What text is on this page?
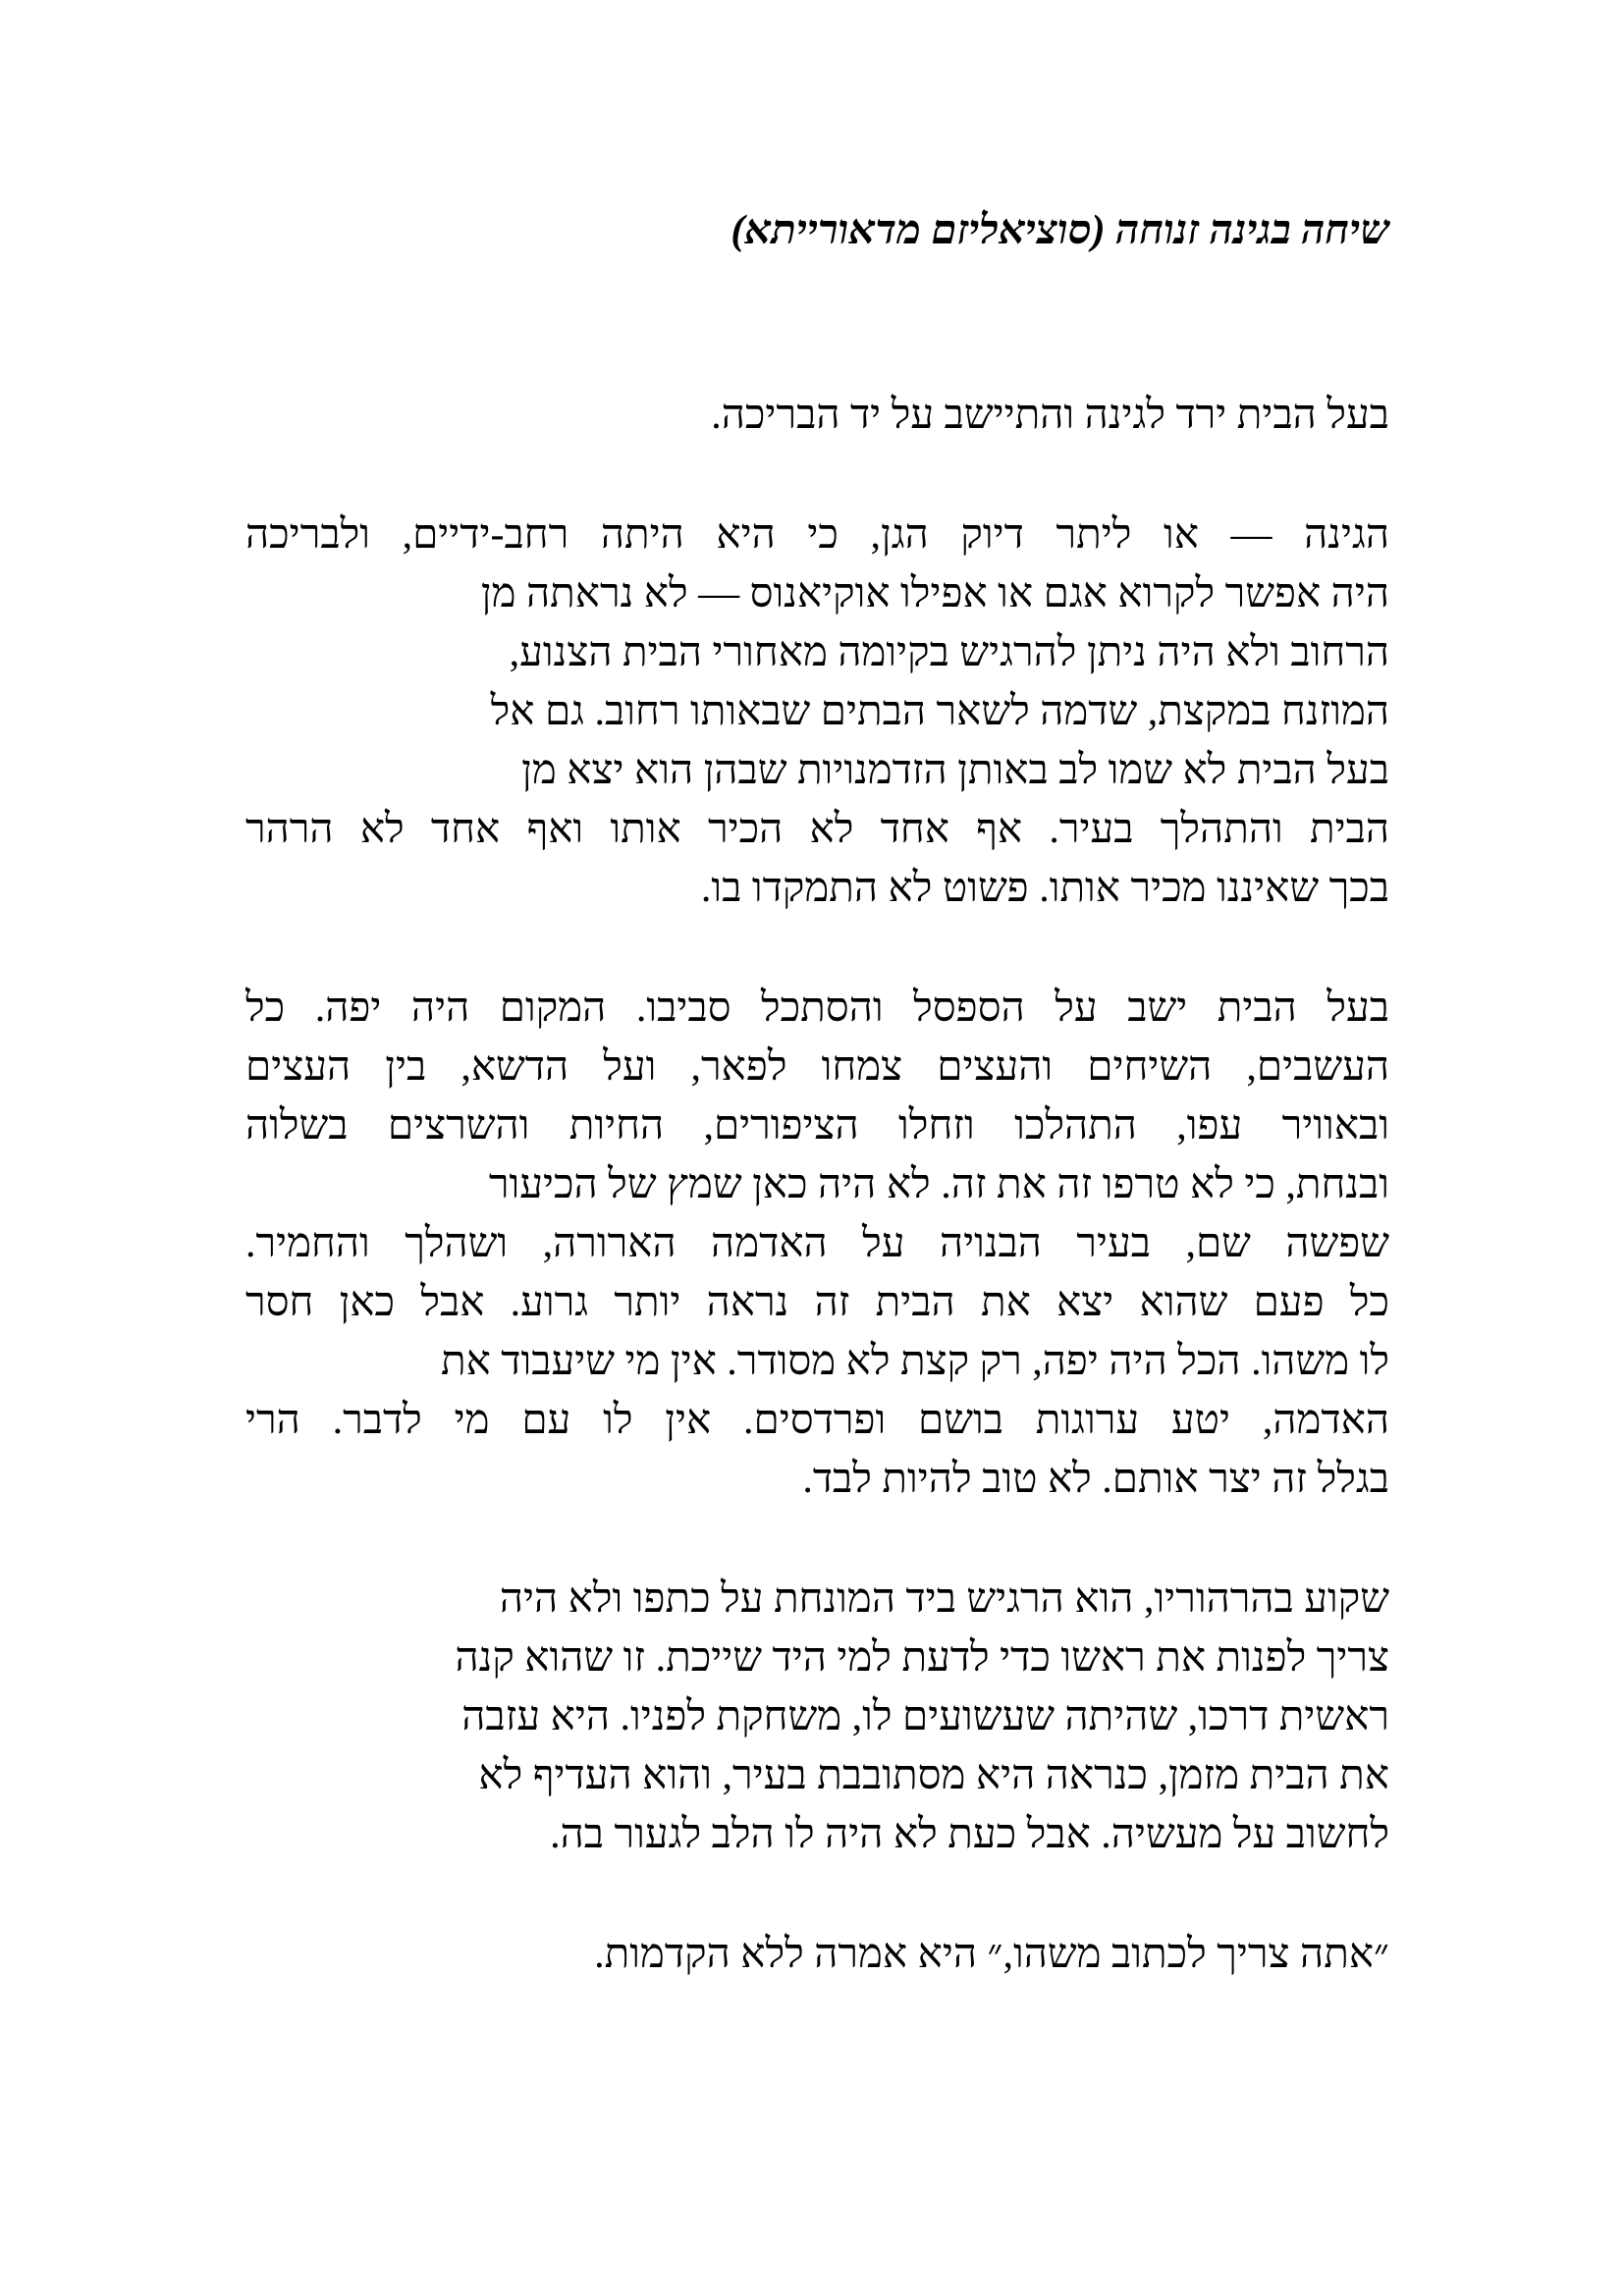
שיחה בגינה זנוחה (סוציאליזם מדאורייתא)
בעל הבית ירד לגינה והתיישב על יד הבריכה.
הגינה — או ליתר דיוק הגן, כי היא היתה רחב-ידיים, ולבריכה
היה אפשר לקרוא אגם או אפילו אוקיאנוס — לא נראתה מן
הרחוב ולא היה ניתן להרגיש בקיומה מאחורי הבית הצנוע,
המוזנח במקצת, שדמה לשאר הבתים שבאותו רחוב. גם אל
בעל הבית לא שמו לב באותן הזדמנויות שבהן הוא יצא מן
הבית והתהלך בעיר. אף אחד לא הכיר אותו ואף אחד לא הרהר
בכך שאיננו מכיר אותו. פשוט לא התמקדו בו.
בעל הבית ישב על הספסל והסתכל סביבו. המקום היה יפה. כל
העשבים, השיחים והעצים צמחו לפאר, ועל הדשא, בין העצים
ובאוויר עפו, התהלכו וזחלו הציפורים, החיות והשרצים בשלוה
ובנחת, כי לא טרפו זה את זה. לא היה כאן שמץ של הכיעור
שפשה שם, בעיר הבנויה על האדמה הארורה, ושהלך והחמיר.
כל פעם שהוא יצא את הבית זה נראה יותר גרוע. אבל כאן חסר
לו משהו. הכל היה יפה, רק קצת לא מסודר. אין מי שיעבוד את
האדמה, יטע ערוגות בושם ופרדסים. אין לו עם מי לדבר. הרי
בגלל זה יצר אותם. לא טוב להיות לבד.
שקוע בהרהוריו, הוא הרגיש ביד המונחת על כתפו ולא היה
צריך לפנות את ראשו כדי לדעת למי היד שייכת. זו שהוא קנה
ראשית דרכו, שהיתה שעשועים לו, משחקת לפניו. היא עזבה
את הבית מזמן, כנראה היא מסתובבת בעיר, והוא העדיף לא
לחשוב על מעשיה. אבל כעת לא היה לו הלב לגעור בה.
״אתה צריך לכתוב משהו,״ היא אמרה ללא הקדמות.
